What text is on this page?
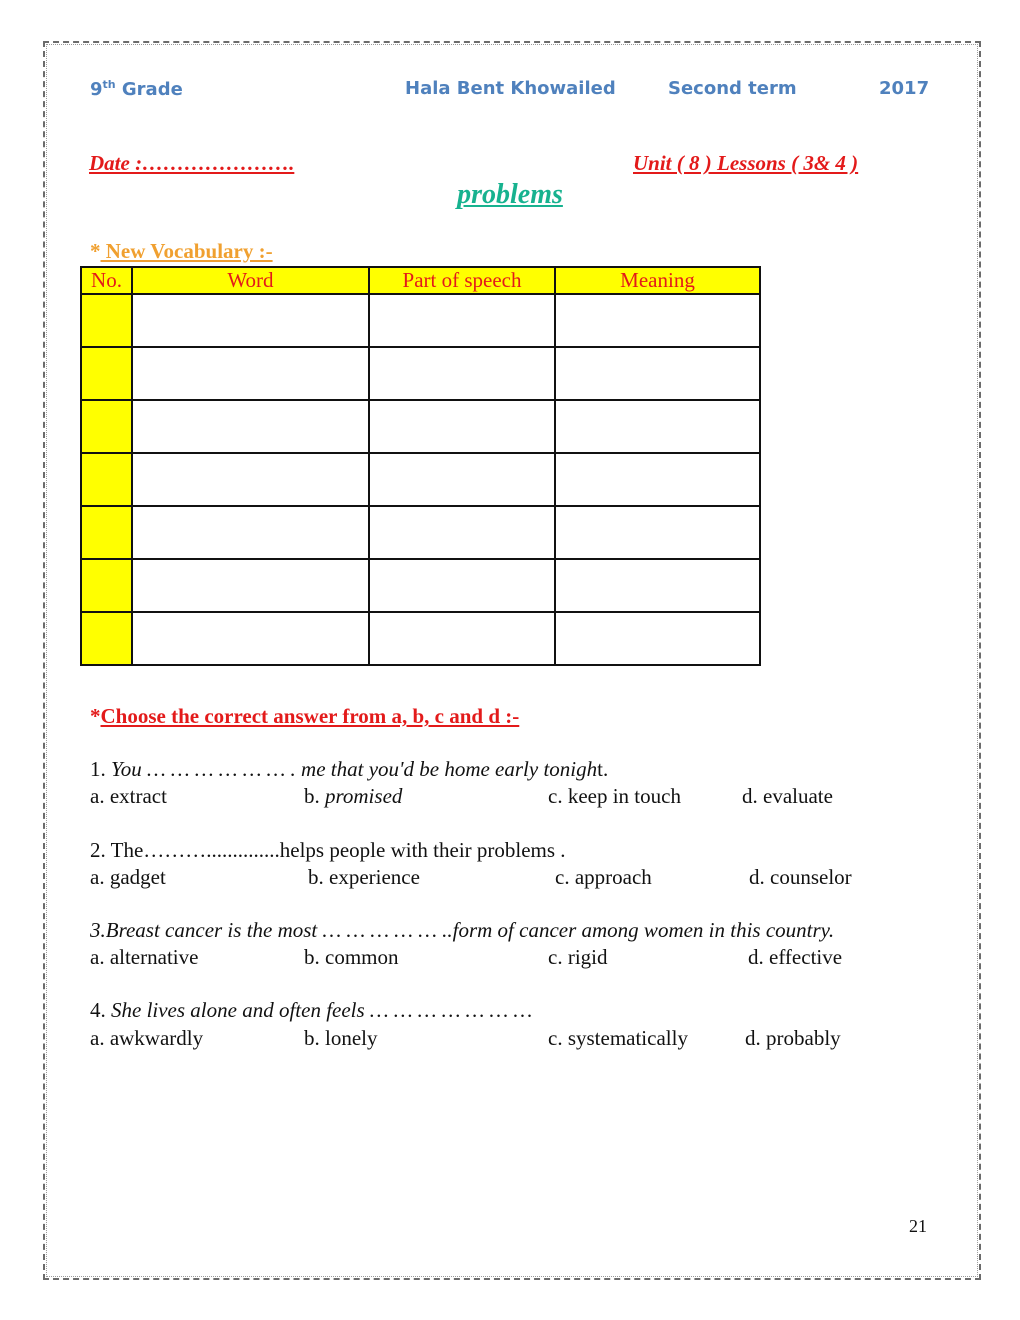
9th Grade	Hala Bent Khowailed	Second term	2017
Date :………………….	Unit ( 8 ) Lessons ( 3& 4 )
problems
* New Vocabulary :-
No.	Word	Part of speech	Meaning

*Choose the correct answer from a, b, c and d :-
1. You … … … … … … . me that you'd be home early tonight.
a. extract	b. promised	c. keep in touch	d. evaluate
2. The………..............helps people with their problems .
a. gadget	b. experience	c. approach	d. counselor
3.Breast cancer is the most … … … … … ..form of cancer among women in this country.
a. alternative	b. common	c. rigid	d. effective
4. She lives alone and often feels … … … … … … …
a. awkwardly	b. lonely	c. systematically	d. probably
21
